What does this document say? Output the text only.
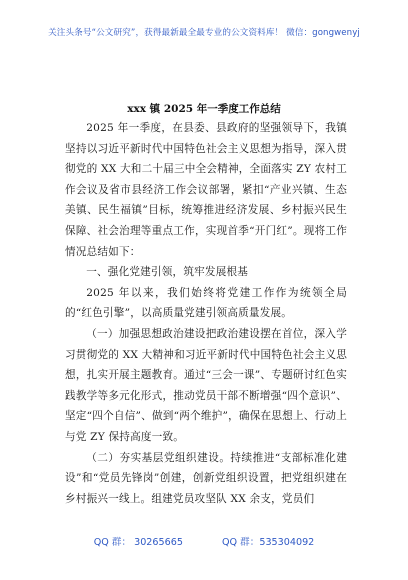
关注头条号“公文研究”，获得最新最全最专业的公文资料库！ 微信：gongwenyj
xxx 镇 2025 年一季度工作总结

2025 年一季度，在县委、县政府的坚强领导下，我镇坚持以习近平新时代中国特色社会主义思想为指导，深入贯彻党的 XX 大和二十届三中全会精神，全面落实 ZY 农村工作会议及省市县经济工作会议部署，紧扣“产业兴镇、生态美镇、民生福镇”目标，统筹推进经济发展、乡村振兴民生保障、社会治理等重点工作，实现首季“开门红”。现将工作情况总结如下：

一、强化党建引领，筑牢发展根基

2025 年以来，我们始终将党建工作作为统领全局的“红色引擎”，以高质量党建引领高质量发展。

（一）加强思想政治建设把政治建设摆在首位，深入学习贯彻党的 XX 大精神和习近平新时代中国特色社会主义思想，扎实开展主题教育。通过“三会一课”、专题研讨红色实践教学等多元化形式，推动党员干部不断增强“四个意识”、坚定“四个自信”、做到“两个维护”，确保在思想上、行动上与党 ZY 保持高度一致。

（二）夯实基层党组织建设。持续推进“支部标准化建设”和“党员先锋岗”创建，创新党组织设置，把党组织建在乡村振兴一线上。组建党员攻坚队 XX 余支，党员们

QQ 群： 30265665	QQ 群：535304092
